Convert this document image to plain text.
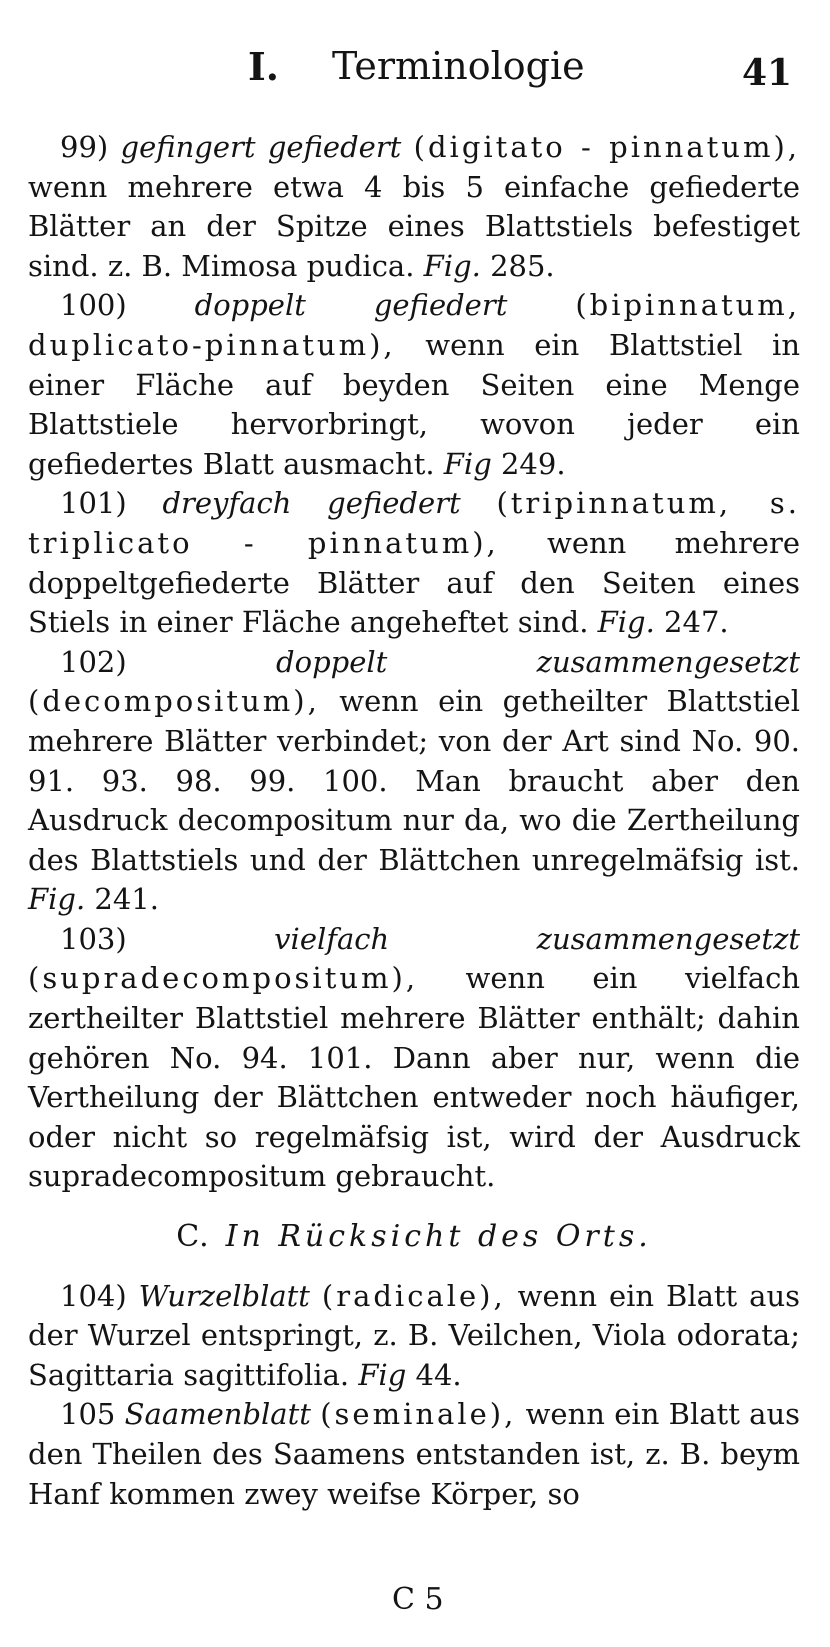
I. Terminologie	41

99) gefingert gefiedert (digitato - pinnatum), wenn mehrere etwa 4 bis 5 einfache gefiederte Blätter an der Spitze eines Blattstiels befestiget sind. z. B. Mimosa pudica. Fig. 285.

100) doppelt gefiedert (bipinnatum, duplicato-pinnatum), wenn ein Blattstiel in einer Fläche auf beyden Seiten eine Menge Blattstiele hervorbringt, wovon jeder ein gefiedertes Blatt ausmacht. Fig 249.

101) dreyfach gefiedert (tripinnatum, s. triplicato - pinnatum), wenn mehrere doppeltgefiederte Blätter auf den Seiten eines Stiels in einer Fläche angeheftet sind. Fig. 247.

102)	doppelt zusammengesetzt (decompositum), wenn ein getheilter Blattstiel mehrere Blätter verbindet; von der Art sind No. 90. 91. 93. 98. 99. 100. Man braucht aber den Ausdruck decompositum nur da, wo die Zertheilung des Blattstiels und der Blättchen unregelmäfsig ist. Fig. 241.

103)	vielfach zusammengesetzt (supradecompositum), wenn ein vielfach zertheilter Blattstiel mehrere Blätter enthält; dahin gehören No. 94. 101. Dann aber nur, wenn die Vertheilung der Blättchen entweder noch häufiger, oder nicht so regelmäfsig ist, wird der Ausdruck supradecompositum gebraucht.

C. In Rücksicht des Orts.

104) Wurzelblatt (radicale), wenn ein Blatt aus der Wurzel entspringt, z. B. Veilchen, Viola odorata; Sagittaria sagittifolia. Fig 44.

105 Saamenblatt (seminale), wenn ein Blatt aus den Theilen des Saamens entstanden ist, z. B. beym Hanf kommen zwey weifse Körper, so

C 5
